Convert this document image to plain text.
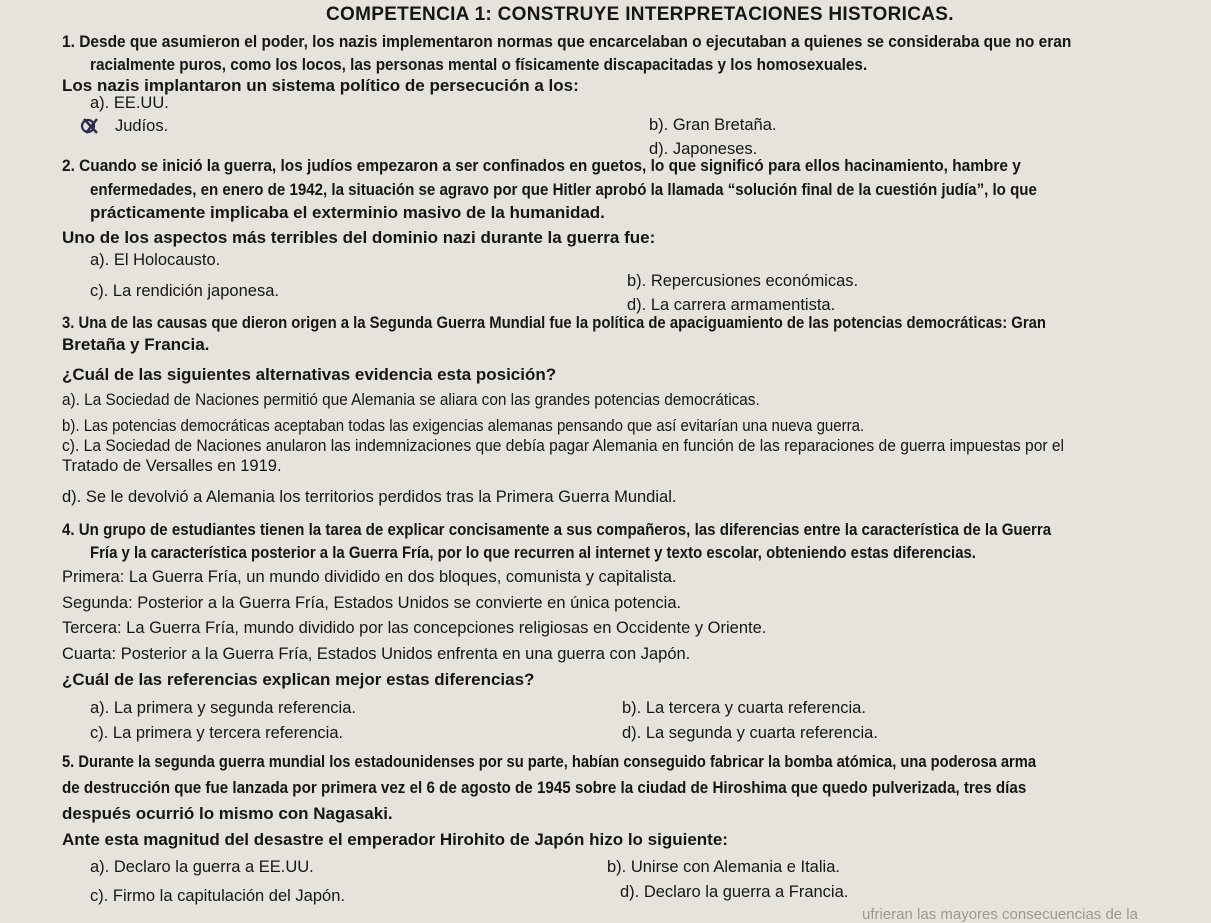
COMPETENCIA 1: CONSTRUYE INTERPRETACIONES HISTORICAS.
1. Desde que asumieron el poder, los nazis implementaron normas que encarcelaban o ejecutaban a quienes se consideraba que no eran
racialmente puros, como los locos, las personas mental o físicamente discapacitadas y los homosexuales.
Los nazis implantaron un sistema político de persecución a los:
a). EE.UU.
Judíos.	b). Gran Bretaña.
d). Japoneses.
2. Cuando se inició la guerra, los judíos empezaron a ser confinados en guetos, lo que significó para ellos hacinamiento, hambre y
enfermedades, en enero de 1942, la situación se agravo por que Hitler aprobó la llamada “solución final de la cuestión judía”, lo que
prácticamente implicaba el exterminio masivo de la humanidad.
Uno de los aspectos más terribles del dominio nazi durante la guerra fue:
a). El Holocausto.
b). Repercusiones económicas.
c). La rendición japonesa.
d). La carrera armamentista.
3. Una de las causas que dieron origen a la Segunda Guerra Mundial fue la política de apaciguamiento de las potencias democráticas: Gran
Bretaña y Francia.
¿Cuál de las siguientes alternativas evidencia esta posición?
a). La Sociedad de Naciones permitió que Alemania se aliara con las grandes potencias democráticas.
b). Las potencias democráticas aceptaban todas las exigencias alemanas pensando que así evitarían una nueva guerra.
c). La Sociedad de Naciones anularon las indemnizaciones que debía pagar Alemania en función de las reparaciones de guerra impuestas por el
Tratado de Versalles en 1919.
d). Se le devolvió a Alemania los territorios perdidos tras la Primera Guerra Mundial.
4. Un grupo de estudiantes tienen la tarea de explicar concisamente a sus compañeros, las diferencias entre la característica de la Guerra
Fría y la característica posterior a la Guerra Fría, por lo que recurren al internet y texto escolar, obteniendo estas diferencias.
Primera: La Guerra Fría, un mundo dividido en dos bloques, comunista y capitalista.
Segunda: Posterior a la Guerra Fría, Estados Unidos se convierte en única potencia.
Tercera: La Guerra Fría, mundo dividido por las concepciones religiosas en Occidente y Oriente.
Cuarta: Posterior a la Guerra Fría, Estados Unidos enfrenta en una guerra con Japón.
¿Cuál de las referencias explican mejor estas diferencias?
a). La primera y segunda referencia.	b). La tercera y cuarta referencia.
c). La primera y tercera referencia.	d). La segunda y cuarta referencia.
5. Durante la segunda guerra mundial los estadounidenses por su parte, habían conseguido fabricar la bomba atómica, una poderosa arma
de destrucción que fue lanzada por primera vez el 6 de agosto de 1945 sobre la ciudad de Hiroshima que quedo pulverizada, tres días
después ocurrió lo mismo con Nagasaki.
Ante esta magnitud del desastre el emperador Hirohito de Japón hizo lo siguiente:
a). Declaro la guerra a EE.UU.	b). Unirse con Alemania e Italia.
c). Firmo la capitulación del Japón.	d). Declaro la guerra a Francia.
ufrieran las mayores consecuencias de la
